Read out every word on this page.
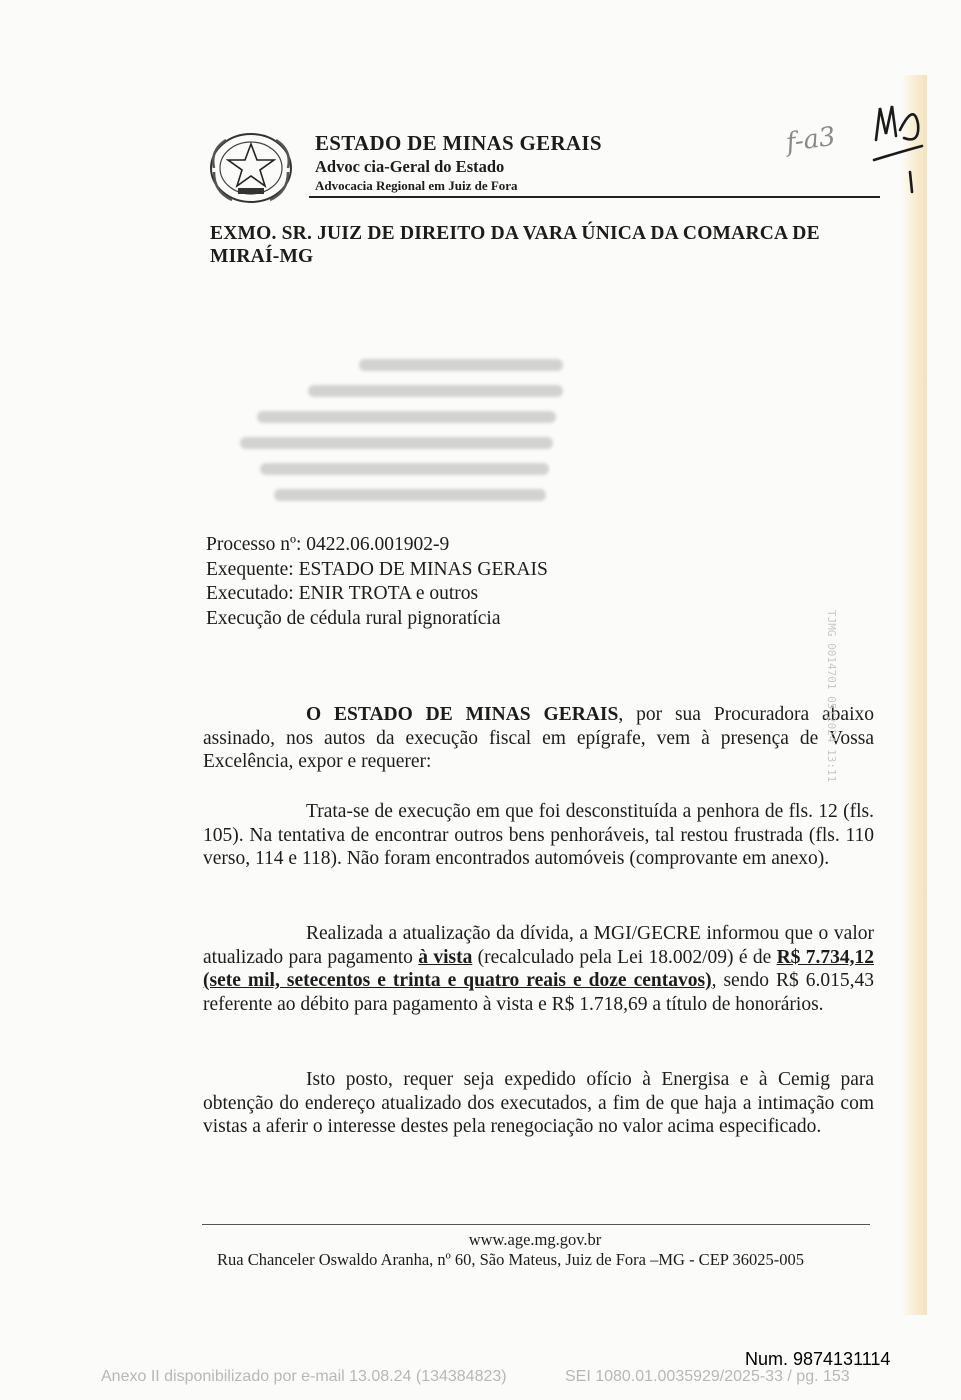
ESTADO DE MINAS GERAIS
Advoc cia-Geral do Estado
Advocacia Regional em Juiz de Fora
f-a3
EXMO. SR. JUIZ DE DIREITO DA VARA ÚNICA DA COMARCA DE MIRAÍ-MG
Processo nº: 0422.06.001902-9
Exequente: ESTADO DE MINAS GERAIS
Executado: ENIR TROTA e outros
Execução de cédula rural pignoratícia
O ESTADO DE MINAS GERAIS, por sua Procuradora abaixo assinado, nos autos da execução fiscal em epígrafe, vem à presença de Vossa Excelência, expor e requerer:
Trata-se de execução em que foi desconstituída a penhora de fls. 12 (fls. 105). Na tentativa de encontrar outros bens penhoráveis, tal restou frustrada (fls. 110 verso, 114 e 118). Não foram encontrados automóveis (comprovante em anexo).
Realizada a atualização da dívida, a MGI/GECRE informou que o valor atualizado para pagamento à vista (recalculado pela Lei 18.002/09) é de R$ 7.734,12 (sete mil, setecentos e trinta e quatro reais e doze centavos), sendo R$ 6.015,43 referente ao débito para pagamento à vista e R$ 1.718,69 a título de honorários.
Isto posto, requer seja expedido ofício à Energisa e à Cemig para obtenção do endereço atualizado dos executados, a fim de que haja a intimação com vistas a aferir o interesse destes pela renegociação no valor acima especificado.
www.age.mg.gov.br
Rua Chanceler Oswaldo Aranha, nº 60, São Mateus, Juiz de Fora –MG - CEP 36025-005
TJMG 0014701 05/2024 13:11
Num. 9874131114
Anexo II disponibilizado por e-mail 13.08.24 (134384823)	SEI 1080.01.0035929/2025-33 / pg. 153
